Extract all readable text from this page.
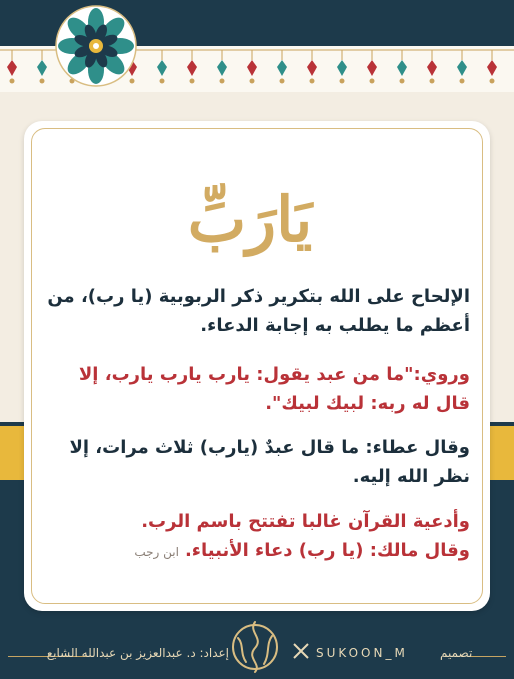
يَارَبِّ
الإلحاح على الله بتكرير ذكر الربوبية (يا رب)، من أعظم ما يطلب به إجابة الدعاء.
وروي:"ما من عبد يقول: يارب يارب يارب، إلا قال له ربه: لبيك لبيك".
وقال عطاء: ما قال عبدٌ (يارب) ثلاث مرات، إلا نظر الله إليه.
وأدعية القرآن غالبا تفتتح باسم الرب.
وقال مالك: (يا رب) دعاء الأنبياء.ابن رجب
إعداد: د. عبدالعزيز بن عبدالله الشايع	SUKOON_M	تصميم
